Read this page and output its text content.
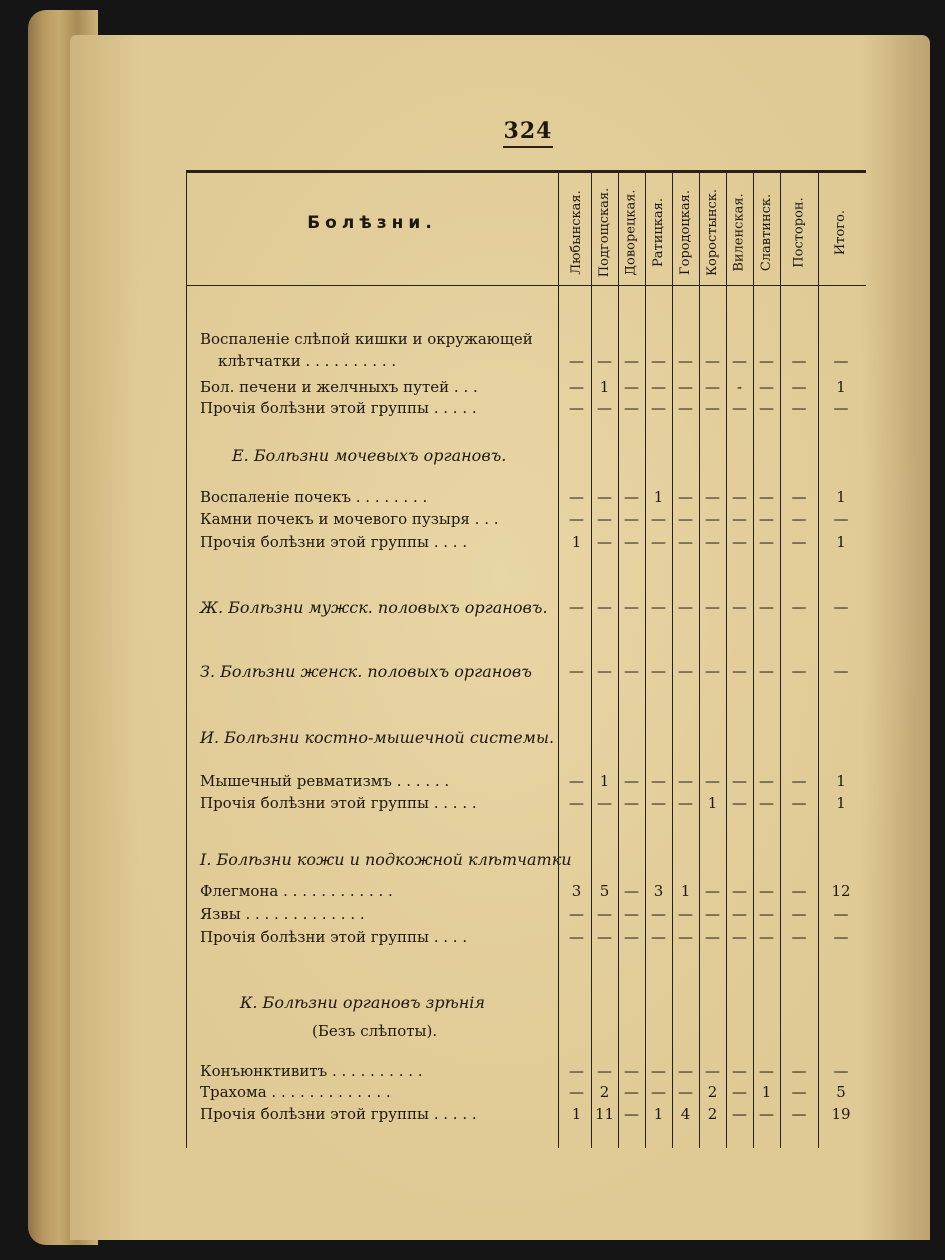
324
Болѣзни.	Любынская. Подгощская. Доворецкая. Ратицкая. Городоцкая. Коростынск. Виленская. Славтинск. Посторон. Итого.
Воспаленіе слѣпой кишки и окружающей
клѣтчатки . . . . . . . . . .	— — — — — — — —	—	—
Бол. печени и желчныхъ путей . . .	—	1 — — — —	-	—	—	1
Прочія болѣзни этой группы . . . . .	— — — — — — — —	—	—
Е. Болѣзни мочевыхъ органовъ.
Воспаленіе почекъ . . . . . . . .	— — — 1 — — — —	—	1
Камни почекъ и мочевого пузыря . . .	— — — — — — — —	—	—
Прочія болѣзни этой группы . . . .	1	— — — — — — —	—	1
Ж. Болѣзни мужск. половыхъ органовъ.	— — — — — — — —	—	—
З. Болѣзни женск. половыхъ органовъ	— — — — — — — —	—	—
И. Болѣзни костно-мышечной системы.
Мышечный ревматизмъ . . . . . .	—	1 — — — — — —	—	1
Прочія болѣзни этой группы . . . . .	— — — — — 1 — —	—	1
І. Болѣзни кожи и подкожной клѣтчатки
Флегмона . . . . . . . . . . . .	3	5 — 3	1 — — —	—	12
Язвы . . . . . . . . . . . . .	— — — — — — — —	—	—
Прочія болѣзни этой группы . . . .	— — — — — — — —	—	—
К. Болѣзни органовъ зрѣнія
(Безъ слѣпоты).
Конъюнктивитъ . . . . . . . . . .	— — — — — — — —	—	—
Трахома . . . . . . . . . . . . .	—	2 — — — 2 — 1	—	5
Прочія болѣзни этой группы . . . . .	1 11 — 1	4	2 — —	—	19
